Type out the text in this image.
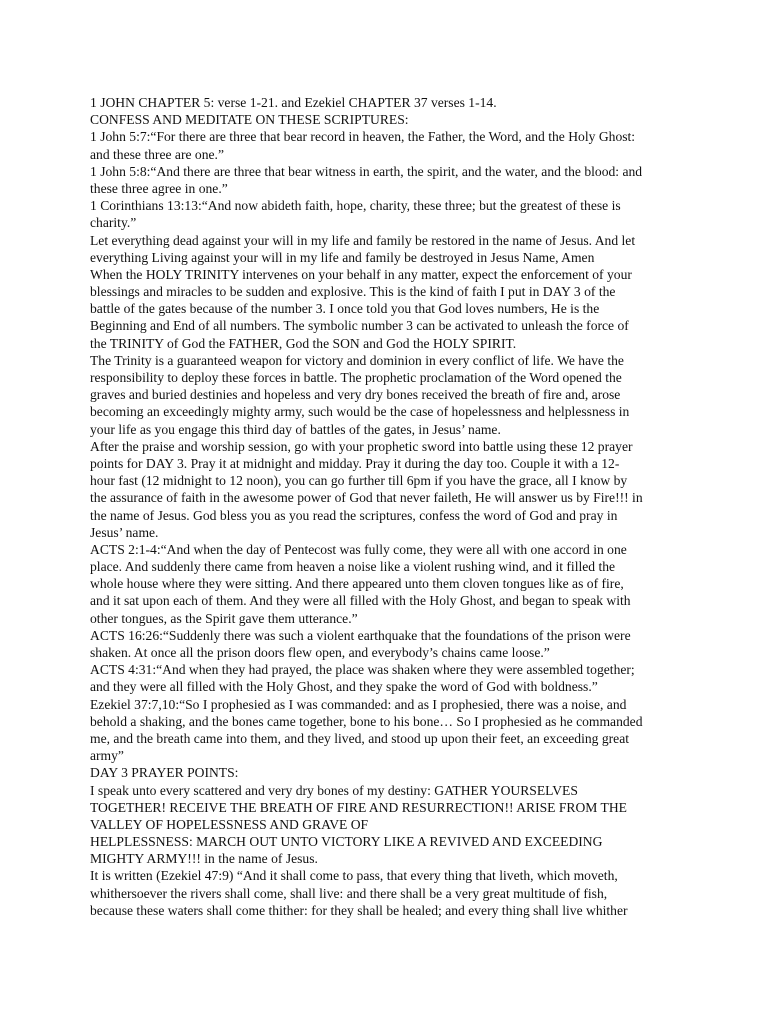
1 JOHN CHAPTER 5: verse 1-21. and Ezekiel CHAPTER 37 verses 1-14.
CONFESS AND MEDITATE ON THESE SCRIPTURES:
1 John 5:7:“For there are three that bear record in heaven, the Father, the Word, and the Holy Ghost:
and these three are one.”
1 John 5:8:“And there are three that bear witness in earth, the spirit, and the water, and the blood: and
these three agree in one.”
1 Corinthians 13:13:“And now abideth faith, hope, charity, these three; but the greatest of these is
charity.”
Let everything dead against your will in my life and family be restored in the name of Jesus. And let
everything Living against your will in my life and family be destroyed in Jesus Name, Amen
When the HOLY TRINITY intervenes on your behalf in any matter, expect the enforcement of your
blessings and miracles to be sudden and explosive. This is the kind of faith I put in DAY 3 of the
battle of the gates because of the number 3. I once told you that God loves numbers, He is the
Beginning and End of all numbers. The symbolic number 3 can be activated to unleash the force of
the TRINITY of God the FATHER, God the SON and God the HOLY SPIRIT.
The Trinity is a guaranteed weapon for victory and dominion in every conflict of life. We have the
responsibility to deploy these forces in battle. The prophetic proclamation of the Word opened the
graves and buried destinies and hopeless and very dry bones received the breath of fire and, arose
becoming an exceedingly mighty army, such would be the case of hopelessness and helplessness in
your life as you engage this third day of battles of the gates, in Jesus’ name.
After the praise and worship session, go with your prophetic sword into battle using these 12 prayer
points for DAY 3. Pray it at midnight and midday. Pray it during the day too. Couple it with a 12-
hour fast (12 midnight to 12 noon), you can go further till 6pm if you have the grace, all I know by
the assurance of faith in the awesome power of God that never faileth, He will answer us by Fire!!! in
the name of Jesus. God bless you as you read the scriptures, confess the word of God and pray in
Jesus’ name.
ACTS 2:1-4:“And when the day of Pentecost was fully come, they were all with one accord in one
place. And suddenly there came from heaven a noise like a violent rushing wind, and it filled the
whole house where they were sitting. And there appeared unto them cloven tongues like as of fire,
and it sat upon each of them. And they were all filled with the Holy Ghost, and began to speak with
other tongues, as the Spirit gave them utterance.”
ACTS 16:26:“Suddenly there was such a violent earthquake that the foundations of the prison were
shaken. At once all the prison doors flew open, and everybody’s chains came loose.”
ACTS 4:31:“And when they had prayed, the place was shaken where they were assembled together;
and they were all filled with the Holy Ghost, and they spake the word of God with boldness.”
Ezekiel 37:7,10:“So I prophesied as I was commanded: and as I prophesied, there was a noise, and
behold a shaking, and the bones came together, bone to his bone… So I prophesied as he commanded
me, and the breath came into them, and they lived, and stood up upon their feet, an exceeding great
army”
DAY 3 PRAYER POINTS:
I speak unto every scattered and very dry bones of my destiny: GATHER YOURSELVES
TOGETHER! RECEIVE THE BREATH OF FIRE AND RESURRECTION!! ARISE FROM THE
VALLEY OF HOPELESSNESS AND GRAVE OF
HELPLESSNESS: MARCH OUT UNTO VICTORY LIKE A REVIVED AND EXCEEDING
MIGHTY ARMY!!! in the name of Jesus.
It is written (Ezekiel 47:9) “And it shall come to pass, that every thing that liveth, which moveth,
whithersoever the rivers shall come, shall live: and there shall be a very great multitude of fish,
because these waters shall come thither: for they shall be healed; and every thing shall live whither
